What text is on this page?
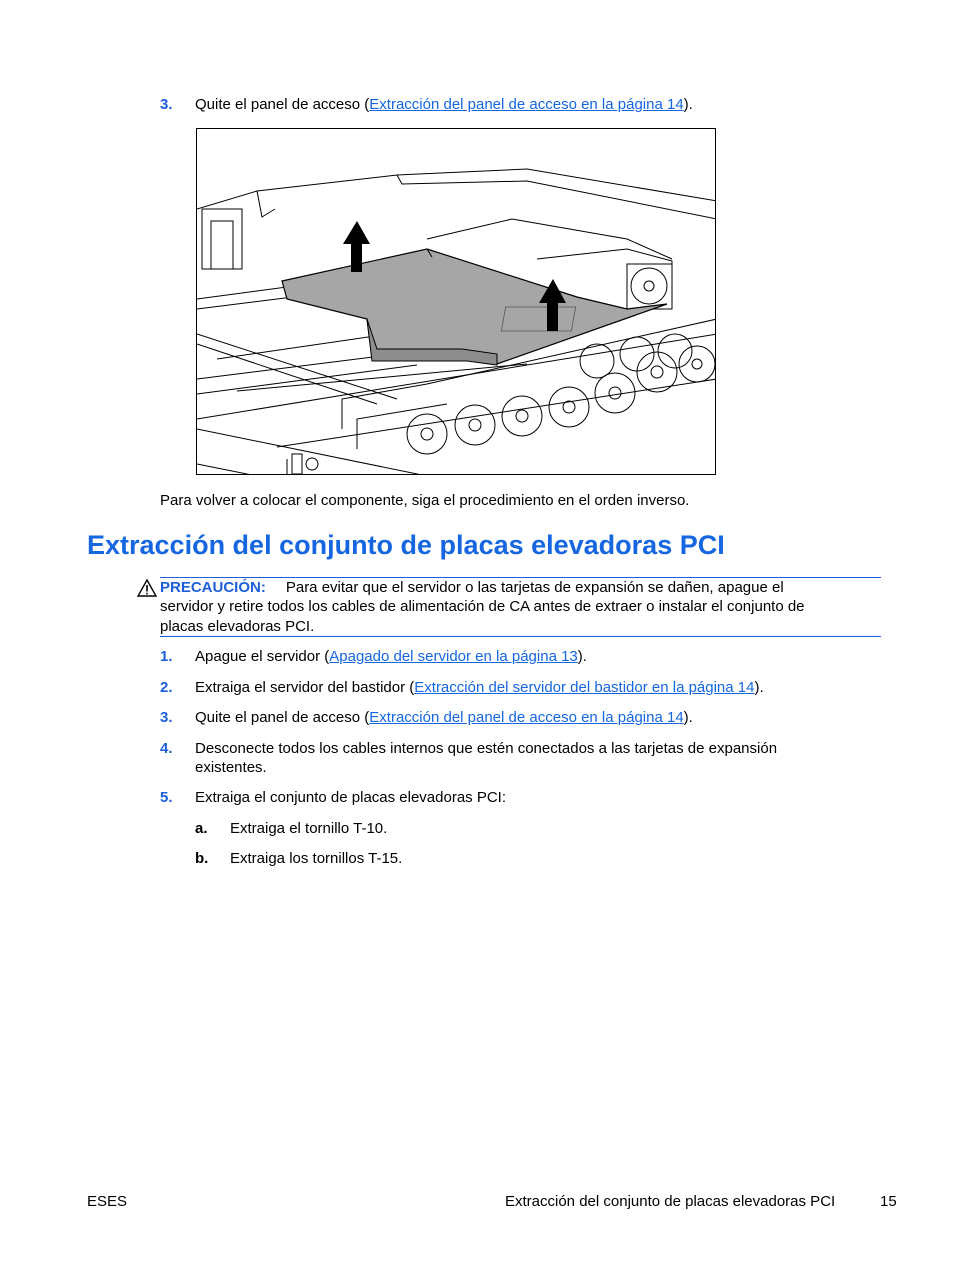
3. Quite el panel de acceso (Extracción del panel de acceso en la página 14).
Para volver a colocar el componente, siga el procedimiento en el orden inverso.
Extracción del conjunto de placas elevadoras PCI
PRECAUCIÓN: Para evitar que el servidor o las tarjetas de expansión se dañen, apague el
servidor y retire todos los cables de alimentación de CA antes de extraer o instalar el conjunto de
placas elevadoras PCI.
1. Apague el servidor (Apagado del servidor en la página 13).
2. Extraiga el servidor del bastidor (Extracción del servidor del bastidor en la página 14).
3. Quite el panel de acceso (Extracción del panel de acceso en la página 14).
4. Desconecte todos los cables internos que estén conectados a las tarjetas de expansión
existentes.
5. Extraiga el conjunto de placas elevadoras PCI:
a. Extraiga el tornillo T-10.
b. Extraiga los tornillos T-15.
ESES	Extracción del conjunto de placas elevadoras PCI	15
